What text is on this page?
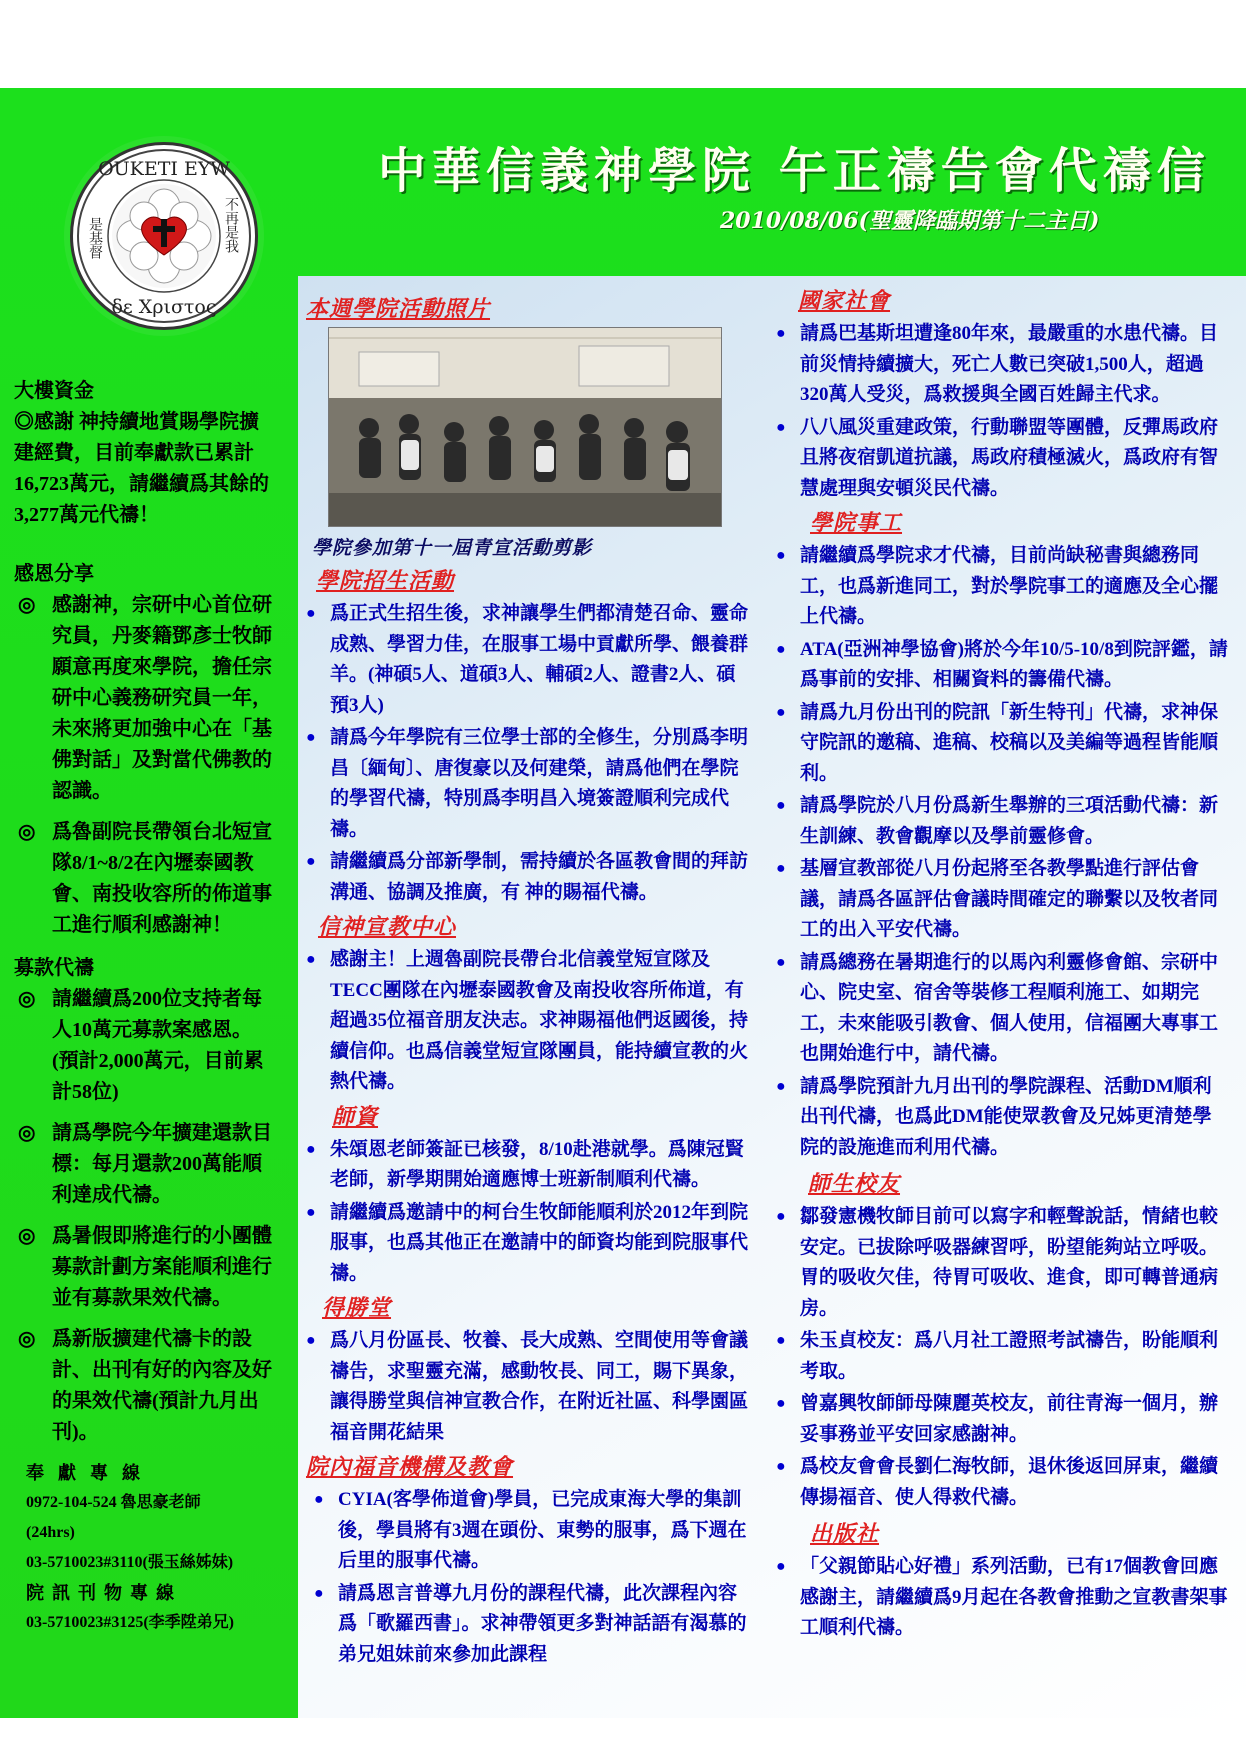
OUKETI EYW
δε Χριστος
是基督	不再是我
中華信義神學院 午正禱告會代禱信
2010/08/06(聖靈降臨期第十二主日)
大樓資金
◎感謝 神持續地賞賜學院擴建經費，目前奉獻款已累計16,723萬元，請繼續爲其餘的 3,277萬元代禱！
感恩分享
◎ 感謝神，宗研中心首位研究員，丹麥籍鄧彥士牧師願意再度來學院，擔任宗研中心義務研究員一年，未來將更加強中心在「基佛對話」及對當代佛教的認識。
◎ 爲魯副院長帶領台北短宣隊8/1~8/2在內壢泰國教會、南投收容所的佈道事工進行順利感謝神！
募款代禱
◎ 請繼續爲200位支持者每人10萬元募款案感恩。(預計2,000萬元，目前累計58位)
◎ 請爲學院今年擴建還款目標：每月還款200萬能順利達成代禱。
◎ 爲暑假即將進行的小團體募款計劃方案能順利進行並有募款果效代禱。
◎ 爲新版擴建代禱卡的設計、出刊有好的內容及好的果效代禱(預計九月出刊)。
奉獻專線
0972-104-524 魯思豪老師
(24hrs)
03-5710023#3110(張玉絲姊妹)
院訊刊物專線
03-5710023#3125(李季陞弟兄)
本週學院活動照片
學院參加第十一屆青宣活動剪影
學院招生活動
● 爲正式生招生後，求神讓學生們都清楚召命、靈命成熟、學習力佳，在服事工場中貢獻所學、餵養群羊。(神碩5人、道碩3人、輔碩2人、證書2人、碩預3人)
● 請爲今年學院有三位學士部的全修生，分別爲李明昌〔緬甸〕、唐復豪以及何建榮，請爲他們在學院的學習代禱，特別爲李明昌入境簽證順利完成代禱。
● 請繼續爲分部新學制，需持續於各區教會間的拜訪溝通、協調及推廣，有 神的賜福代禱。
信神宣教中心
● 感謝主！上週魯副院長帶台北信義堂短宣隊及TECC團隊在內壢泰國教會及南投收容所佈道，有超過35位福音朋友決志。求神賜福他們返國後，持續信仰。也爲信義堂短宣隊團員，能持續宣教的火熱代禱。
師資
● 朱頌恩老師簽証已核發，8/10赴港就學。爲陳冠賢老師，新學期開始適應博士班新制順利代禱。
● 請繼續爲邀請中的柯台生牧師能順利於2012年到院服事，也爲其他正在邀請中的師資均能到院服事代禱。
得勝堂
● 爲八月份區長、牧養、長大成熟、空間使用等會議禱告，求聖靈充滿，感動牧長、同工，賜下異象，讓得勝堂與信神宣教合作，在附近社區、科學園區福音開花結果
院內福音機構及教會
● CYIA(客學佈道會)學員，已完成東海大學的集訓後，學員將有3週在頭份、東勢的服事，爲下週在后里的服事代禱。
● 請爲恩言普導九月份的課程代禱，此次課程內容爲「歌羅西書」。求神帶領更多對神話語有渴慕的弟兄姐妹前來參加此課程
國家社會
● 請爲巴基斯坦遭逢80年來，最嚴重的水患代禱。目前災情持續擴大，死亡人數已突破1,500人，超過320萬人受災，爲救援與全國百姓歸主代求。
● 八八風災重建政策，行動聯盟等團體，反彈馬政府且將夜宿凱道抗議，馬政府積極滅火，爲政府有智慧處理與安頓災民代禱。
學院事工
● 請繼續爲學院求才代禱，目前尚缺秘書與總務同工，也爲新進同工，對於學院事工的適應及全心擺上代禱。
● ATA(亞洲神學協會)將於今年10/5-10/8到院評鑑，請爲事前的安排、相關資料的籌備代禱。
● 請爲九月份出刊的院訊「新生特刊」代禱，求神保守院訊的邀稿、進稿、校稿以及美編等過程皆能順利。
● 請爲學院於八月份爲新生舉辦的三項活動代禱：新生訓練、教會觀摩以及學前靈修會。
● 基層宣教部從八月份起將至各教學點進行評估會議，請爲各區評估會議時間確定的聯繫以及牧者同工的出入平安代禱。
● 請爲總務在暑期進行的以馬內利靈修會館、宗研中心、院史室、宿舍等裝修工程順利施工、如期完工，未來能吸引教會、個人使用，信福團大專事工也開始進行中，請代禱。
● 請爲學院預計九月出刊的學院課程、活動DM順利出刊代禱，也爲此DM能使眾教會及兄姊更清楚學院的設施進而利用代禱。
師生校友
● 鄒發憲機牧師目前可以寫字和輕聲說話，情緒也較安定。已拔除呼吸器練習呼，盼望能夠站立呼吸。胃的吸收欠佳，待胃可吸收、進食，即可轉普通病房。
● 朱玉貞校友：爲八月社工證照考試禱告，盼能順利考取。
● 曾嘉興牧師師母陳麗英校友，前往青海一個月，辦妥事務並平安回家感謝神。
● 爲校友會會長劉仁海牧師，退休後返回屏東，繼續傳揚福音、使人得救代禱。
出版社
● 「父親節貼心好禮」系列活動，已有17個教會回應感謝主，請繼續爲9月起在各教會推動之宣教書架事工順利代禱。
